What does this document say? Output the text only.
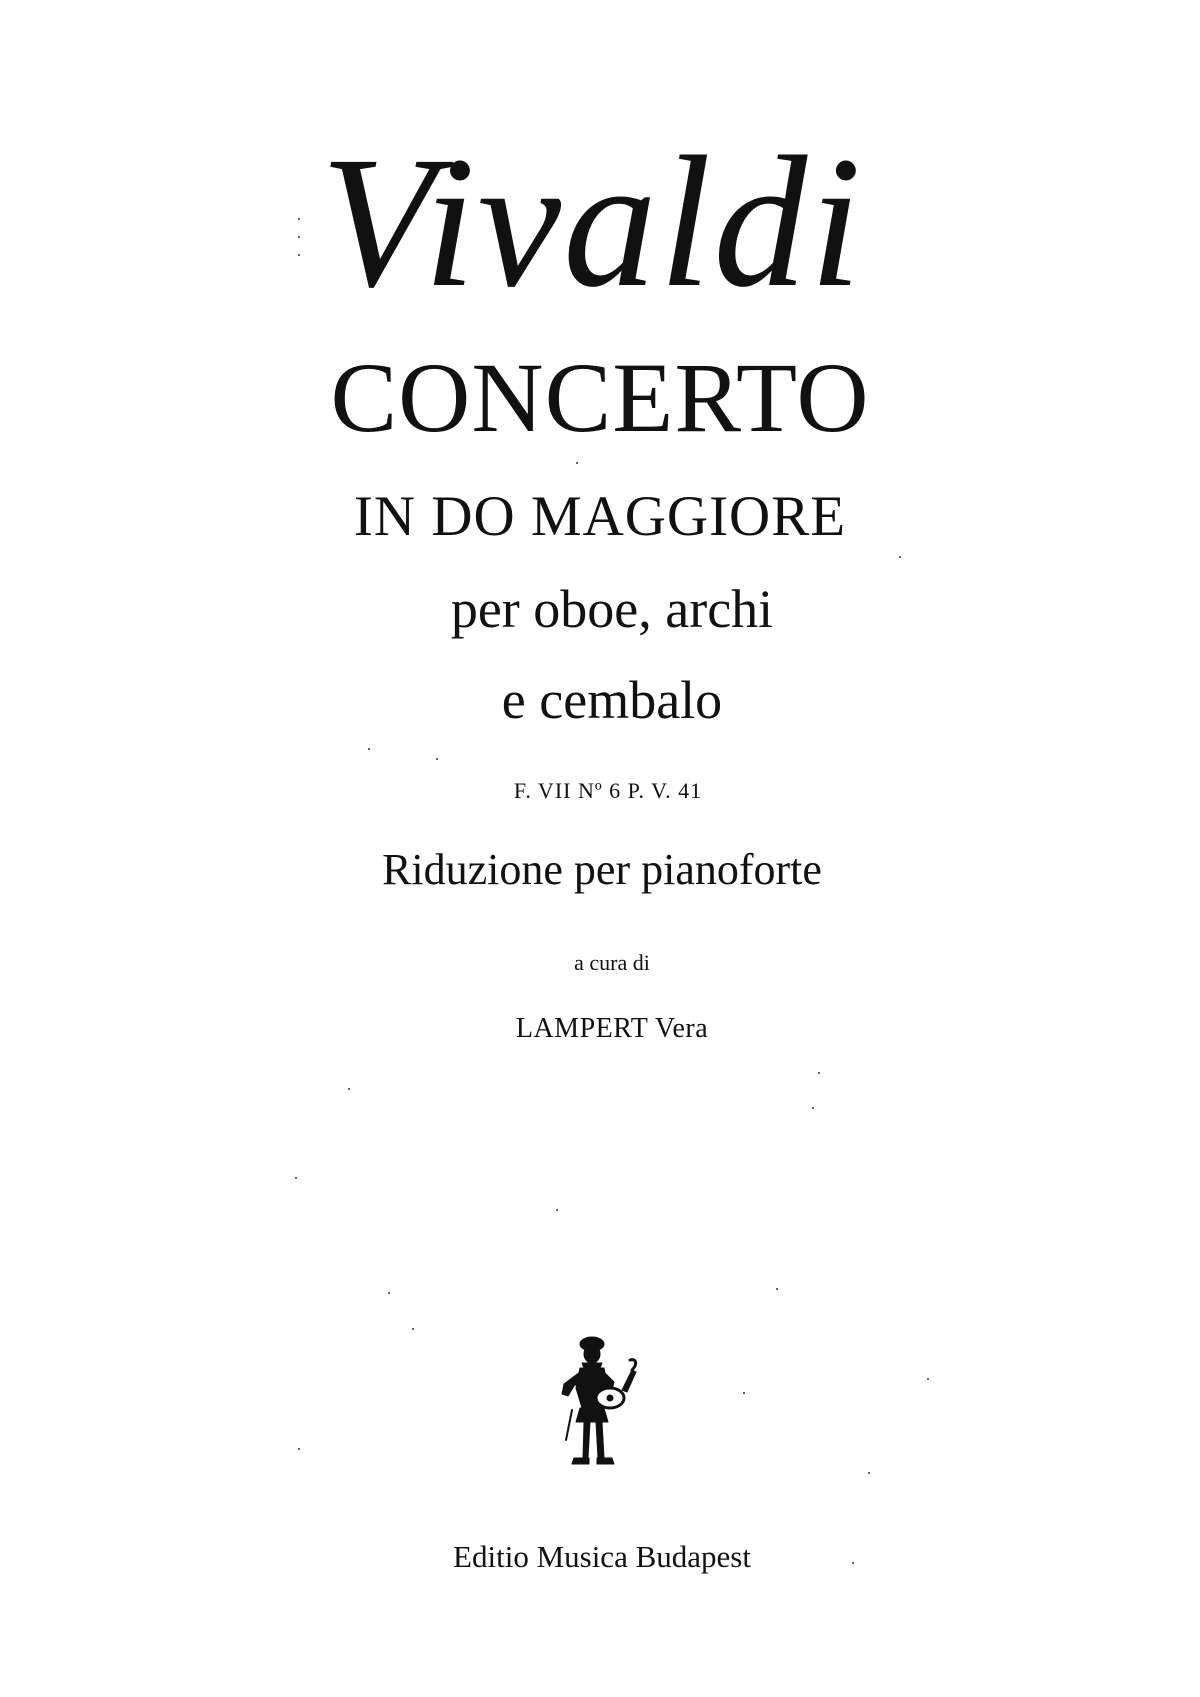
Vivaldi
CONCERTO
IN DO MAGGIORE
per oboe, archi
e cembalo
F. VII Nº 6 P. V. 41
Riduzione per pianoforte
a cura di
LAMPERT Vera
Editio Musica Budapest
